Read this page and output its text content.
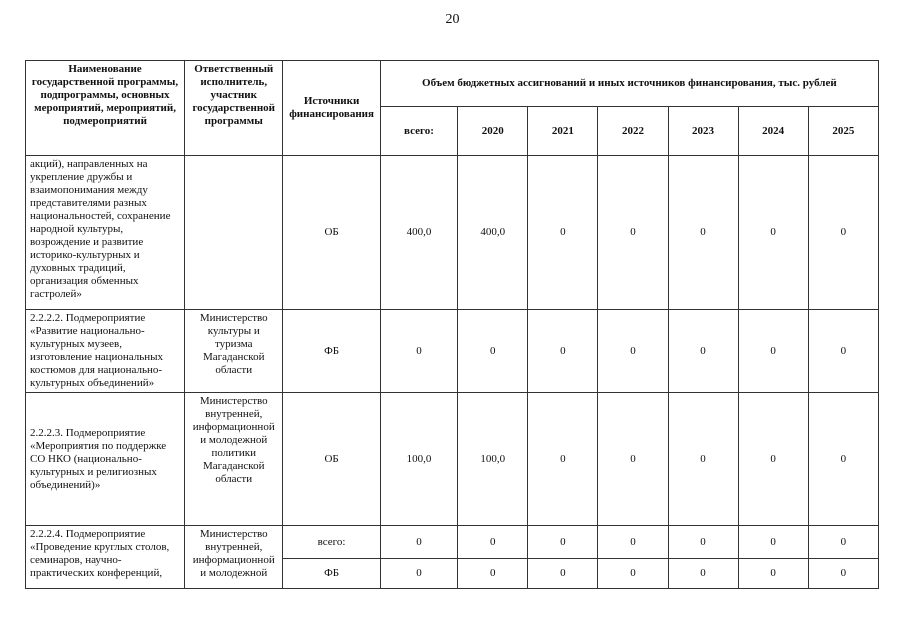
20
Наименование государственной программы, подпрограммы, основных мероприятий, мероприятий, подмероприятий	Ответственный исполнитель, участник государственной программы	Источники финансирования	Объем бюджетных ассигнований и иных источников финансирования, тыс. рублей						
			всего:	2020	2021	2022	2023	2024	2025
акций), направленных на укрепление дружбы и взаимопонимания между представителями разных национальностей, сохранение народной культуры, возрождение и развитие историко-культурных и духовных традиций, организация обменных гастролей»		ОБ	400,0	400,0	0	0	0	0	0
2.2.2.2. Подмероприятие «Развитие национально-культурных музеев, изготовление национальных костюмов для национально-культурных объединений»	Министерство культуры и туризма Магаданской области	ФБ	0	0	0	0	0	0	0
2.2.2.3. Подмероприятие «Мероприятия по поддержке СО НКО (национально-культурных и религиозных объединений)»	Министерство внутренней, информационной и молодежной политики Магаданской области	ОБ	100,0	100,0	0	0	0	0	0
2.2.2.4. Подмероприятие «Проведение круглых столов, семинаров, научно-практических конференций,	Министерство внутренней, информационной и молодежной	всего:	0	0	0	0	0	0	0
		ФБ	0	0	0	0	0	0	0
